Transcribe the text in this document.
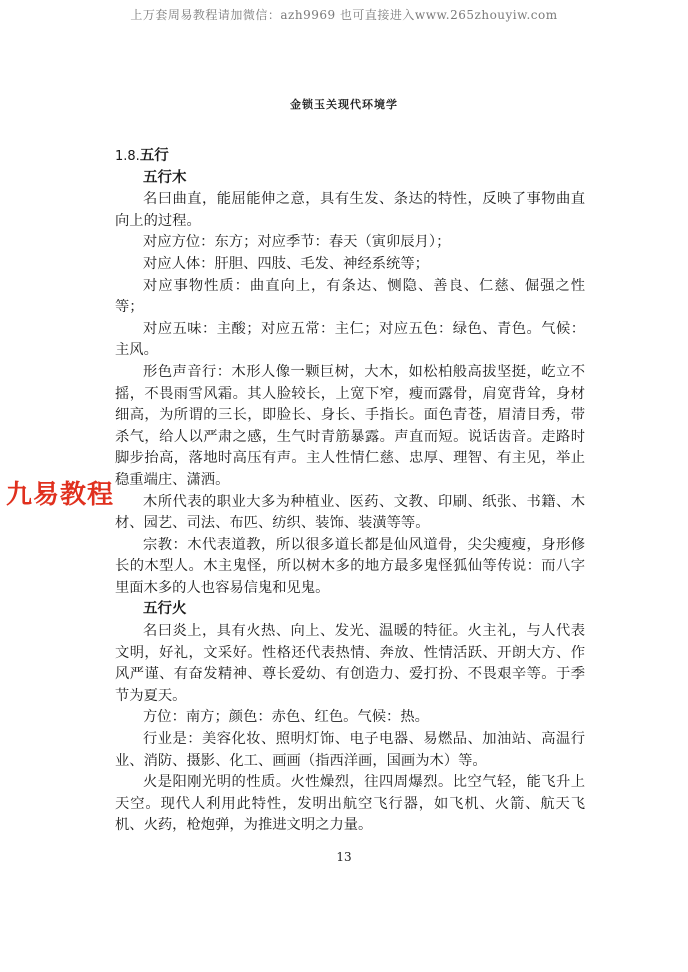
上万套周易教程请加微信：azh9969 也可直接进入www.265zhouyiw.com
金锁玉关现代环境学

1.8.五行

五行木

名曰曲直，能屈能伸之意，具有生发、条达的特性，反映了事物曲直向上的过程。

对应方位：东方；对应季节：春天（寅卯辰月）；

对应人体：肝胆、四肢、毛发、神经系统等；

对应事物性质：曲直向上，有条达、恻隐、善良、仁慈、倔强之性等；

对应五味：主酸；对应五常：主仁；对应五色：绿色、青色。气候：主风。

形色声音行：木形人像一颗巨树，大木，如松柏般高拔坚挺，屹立不摇，不畏雨雪风霜。其人脸较长，上宽下窄，瘦而露骨，肩宽背耸，身材细高，为所谓的三长，即脸长、身长、手指长。面色青苍，眉清目秀，带杀气，给人以严肃之感，生气时青筋暴露。声直而短。说话齿音。走路时脚步抬高，落地时高压有声。主人性情仁慈、忠厚、理智、有主见，举止稳重端庄、潇洒。

木所代表的职业大多为种植业、医药、文教、印刷、纸张、书籍、木材、园艺、司法、布匹、纺织、装饰、装潢等等。

宗教：木代表道教，所以很多道长都是仙风道骨，尖尖瘦瘦，身形修长的木型人。木主鬼怪，所以树木多的地方最多鬼怪狐仙等传说：而八字里面木多的人也容易信鬼和见鬼。

五行火

名曰炎上，具有火热、向上、发光、温暖的特征。火主礼，与人代表文明，好礼，文采好。性格还代表热情、奔放、性情活跃、开朗大方、作风严谨、有奋发精神、尊长爱幼、有创造力、爱打扮、不畏艰辛等。于季节为夏天。

方位：南方；颜色：赤色、红色。气候：热。

行业是：美容化妆、照明灯饰、电子电器、易燃品、加油站、高温行业、消防、摄影、化工、画画（指西洋画，国画为木）等。

火是阳刚光明的性质。火性燥烈，往四周爆烈。比空气轻，能飞升上天空。现代人利用此特性，发明出航空飞行器，如飞机、火箭、航天飞机、火药，枪炮弹，为推进文明之力量。

九易教程
13
